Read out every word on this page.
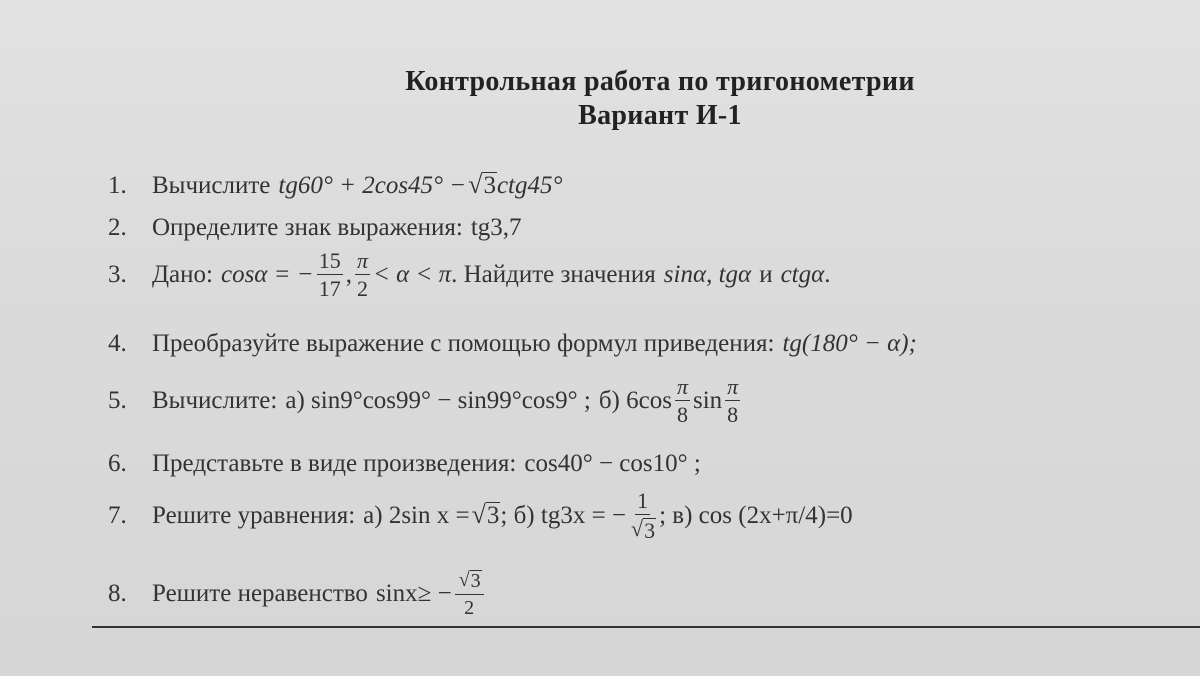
Контрольная работа по тригонометрии
Вариант И-1
1.	Вычислите tg60° + 2cos45° − √ 3 ctg45°
2.	Определите знак выражения: tg3,7
3.	Дано: cosα = − $\frac{15}{17}$ , $\frac{\pi}{2} < \alpha < \pi$ . Найдите значения sinα , tgα и ctgα .
4.	Преобразуйте выражение с помощью формул приведения: tg(180° − α);
5.	Вычислите: а) sin9°cos99° − sin99°cos9° ; б) $6\cos \frac{\pi}{8}$ $\sin \frac{\pi}{8}$
6.	Представьте в виде произведения: cos40° − cos10° ;
7.	Решите уравнения: а) 2sin x = √ 3 ; б) tg3x = − $\frac{1}{√ 3}$ ; в) cos (2x+π/4)=0
8.	Решите неравенство $\sin x\ge - \frac{√ 3}{2}$
